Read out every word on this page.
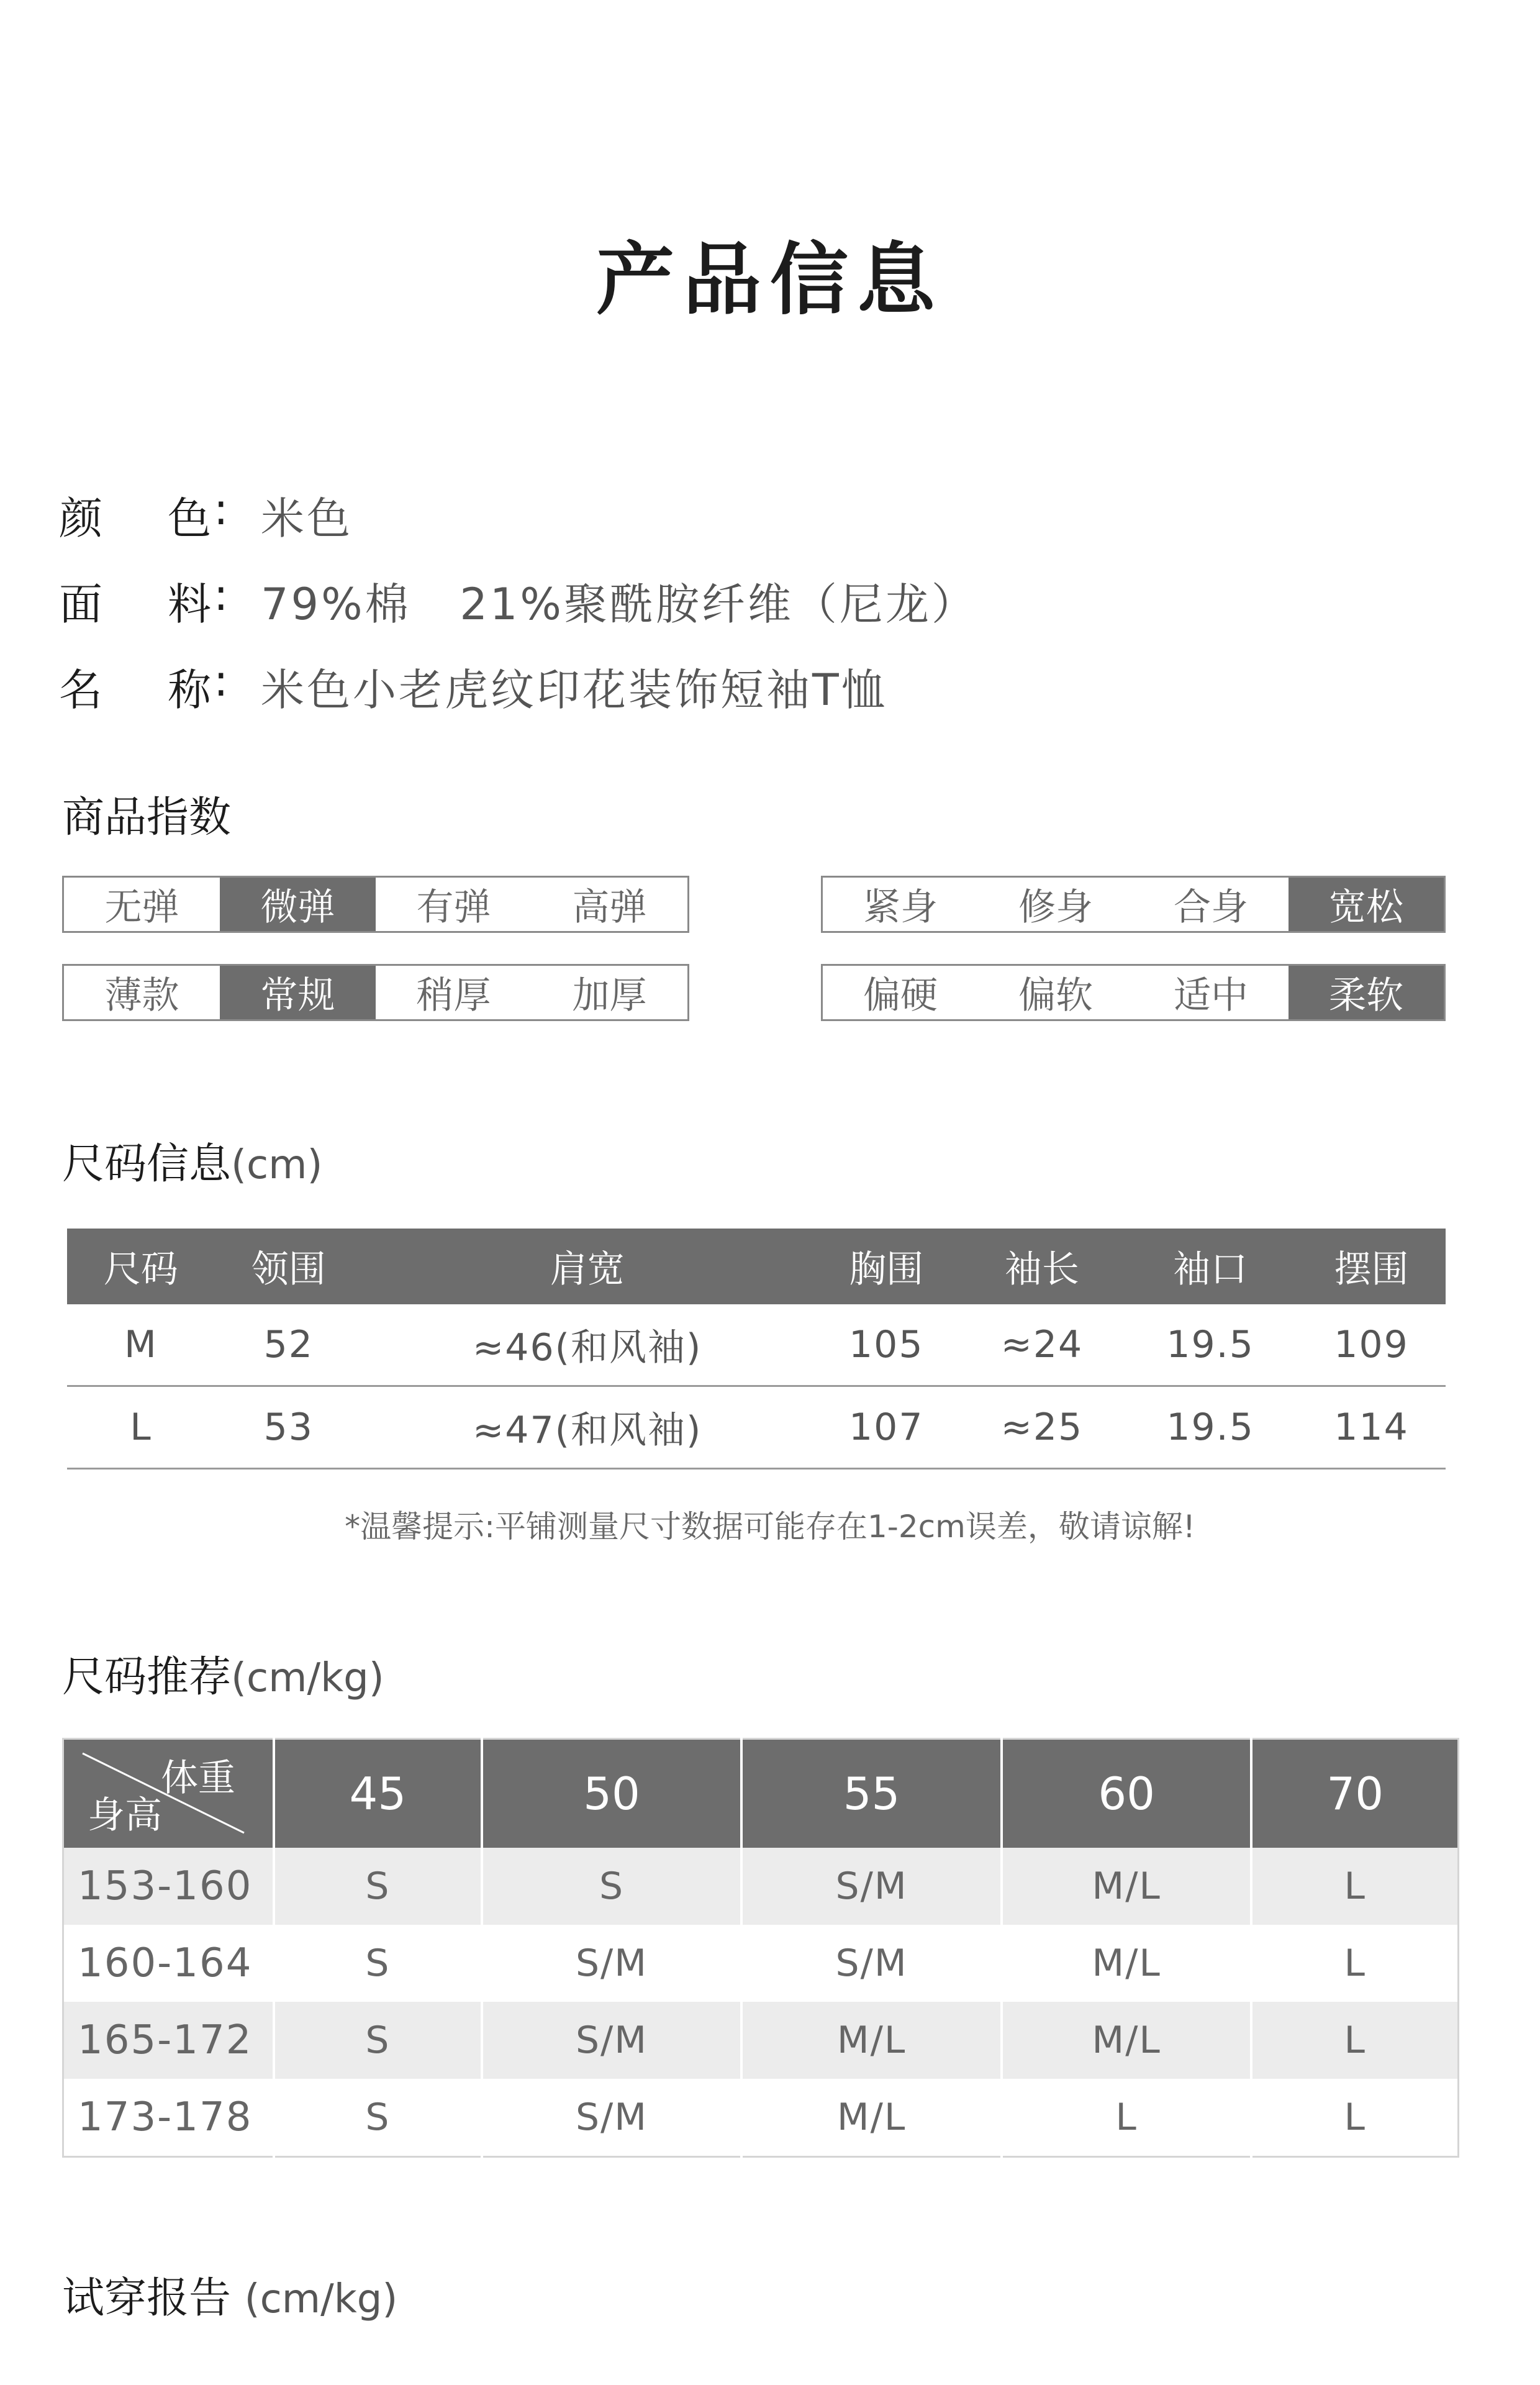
产品信息
颜	色 : 米色
面	料 : 79%棉   21%聚酰胺纤维（尼龙）
名	称 : 米色小老虎纹印花装饰短袖T恤
商品指数
无弹	微弹	有弹	高弹	紧身	修身	合身	宽松
薄款	常规	稍厚	加厚	偏硬	偏软	适中	柔软
尺码信息(cm)
尺码	领围	肩宽	胸围	袖长	袖口	摆围
M	52	≈46(和风袖)	105	≈24	19.5	109
L	53	≈47(和风袖)	107	≈25	19.5	114
*温馨提示:平铺测量尺寸数据可能存在1-2cm误差，敬请谅解!
尺码推荐(cm/kg)
体重
身高	45	50	55	60	70
153-160	S	S	S/M	M/L	L
160-164	S	S/M	S/M	M/L	L
165-172	S	S/M	M/L	M/L	L
173-178	S	S/M	M/L	L	L
试穿报告 (cm/kg)
